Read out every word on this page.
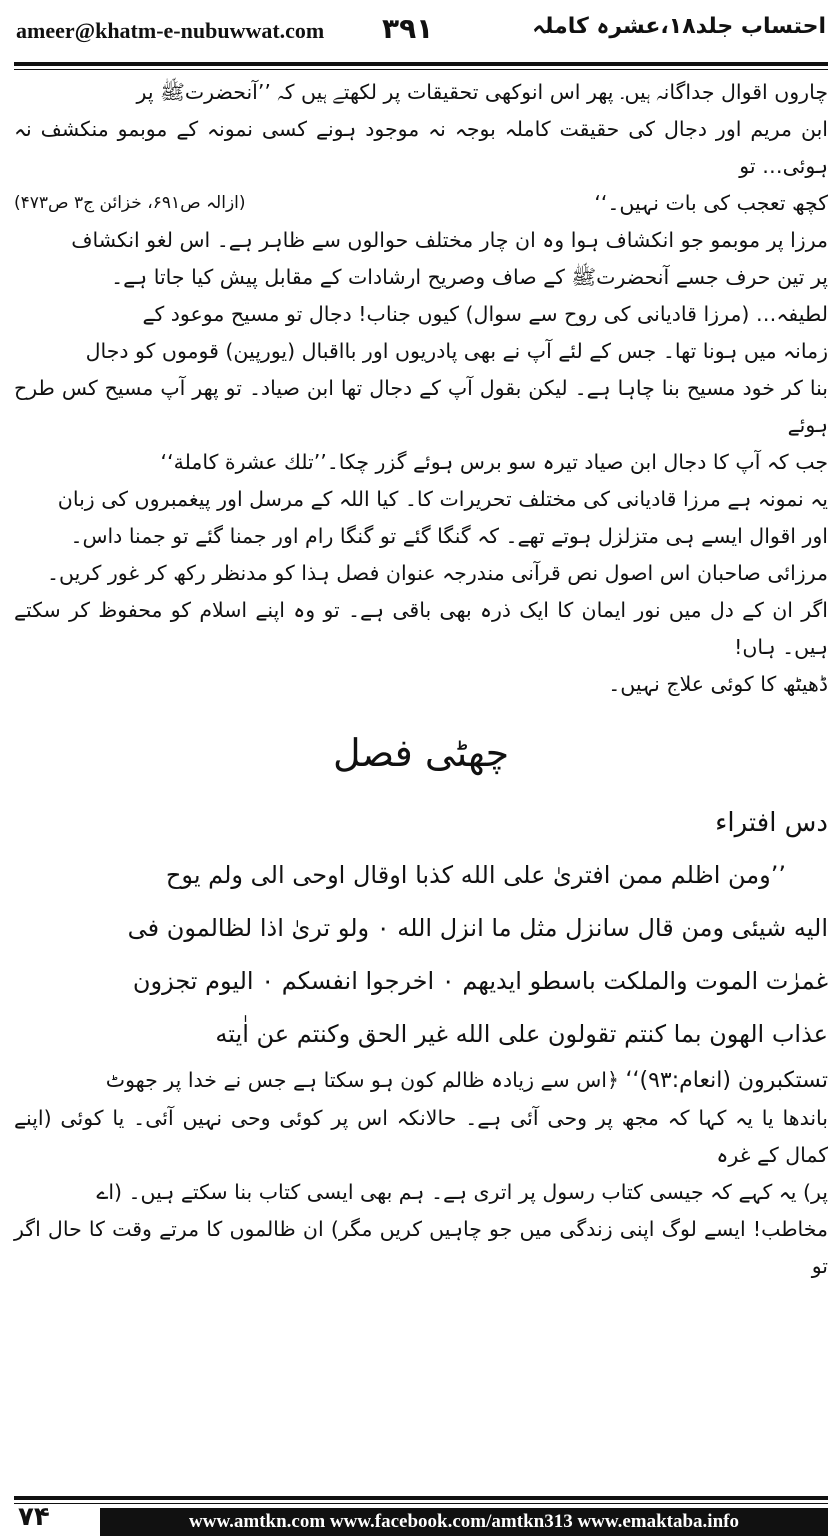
ameer@khatm-e-nubuwwat.com ۳۹۱	احتساب جلد۱۸،عشرہ کاملہ

چاروں اقوال جداگانہ ہیں۔ پھر اس انوکھی تحقیقات پر لکھتے ہیں کہ ’’آنحضرتﷺ پر

ابن مریم اور دجال کی حقیقت کاملہ بوجہ نہ موجود ہونے کسی نمونہ کے موبمو منکشف نہ ہوئی… تو

کچھ تعجب کی بات نہیں۔‘‘
(ازالہ ص۶۹۱، خزائن ج۳ ص۴۷۳)

مرزا پر موبمو جو انکشاف ہوا وہ ان چار مختلف حوالوں سے ظاہر ہے۔ اس لغو انکشاف

پر تین حرف جسے آنحضرتﷺ کے صاف وصریح ارشادات کے مقابل پیش کیا جاتا ہے۔

لطیفہ… (مرزا قادیانی کی روح سے سوال) کیوں جناب! دجال تو مسیح موعود کے

زمانہ میں ہونا تھا۔ جس کے لئے آپ نے بھی پادریوں اور بااقبال (یورپین) قوموں کو دجال

بنا کر خود مسیح بنا چاہا ہے۔ لیکن بقول آپ کے دجال تھا ابن صیاد۔ تو پھر آپ مسیح کس طرح ہوئے

جب کہ آپ کا دجال ابن صیاد تیرہ سو برس ہوئے گزر چکا۔’’تلك عشرة كاملة‘‘

یہ نمونہ ہے مرزا قادیانی کی مختلف تحریرات کا۔ کیا اللہ کے مرسل اور پیغمبروں کی زبان

اور اقوال ایسے ہی متزلزل ہوتے تھے۔ کہ گنگا گئے تو گنگا رام اور جمنا گئے تو جمنا داس۔

مرزائی صاحبان اس اصول نص قرآنی مندرجہ عنوان فصل ہذا کو مدنظر رکھ کر غور کریں۔

اگر ان کے دل میں نور ایمان کا ایک ذرہ بھی باقی ہے۔ تو وہ اپنے اسلام کو محفوظ کر سکتے ہیں۔ ہاں!

ڈھیٹھ کا کوئی علاج نہیں۔

چھٹی فصل

دس افتراء

’’ومن اظلم ممن افترىٰ على الله كذبا اوقال اوحى الى ولم يوح

اليه شيئى ومن قال سانزل مثل ما انزل الله ۰ ولو ترىٰ اذا لظالمون فى

غمرٰت الموت والملكت باسطو ايديهم ۰ اخرجوا انفسكم ۰ اليوم تجزون

عذاب الهون بما كنتم تقولون على الله غير الحق وكنتم عن اٰيته

تستكبرون (انعام:۹۳)‘‘ ﴿اس سے زیادہ ظالم کون ہو سکتا ہے جس نے خدا پر جھوٹ

باندھا یا یہ کہا کہ مجھ پر وحی آئی ہے۔ حالانکہ اس پر کوئی وحی نہیں آئی۔ یا کوئی (اپنے کمال کے غرہ

پر) یہ کہے کہ جیسی کتاب رسول پر اتری ہے۔ ہم بھی ایسی کتاب بنا سکتے ہیں۔ (اے

مخاطب! ایسے لوگ اپنی زندگی میں جو چاہیں کریں مگر) ان ظالموں کا مرتے وقت کا حال اگر تو

۷۴	www.amtkn.com www.facebook.com/amtkn313 www.emaktaba.info
